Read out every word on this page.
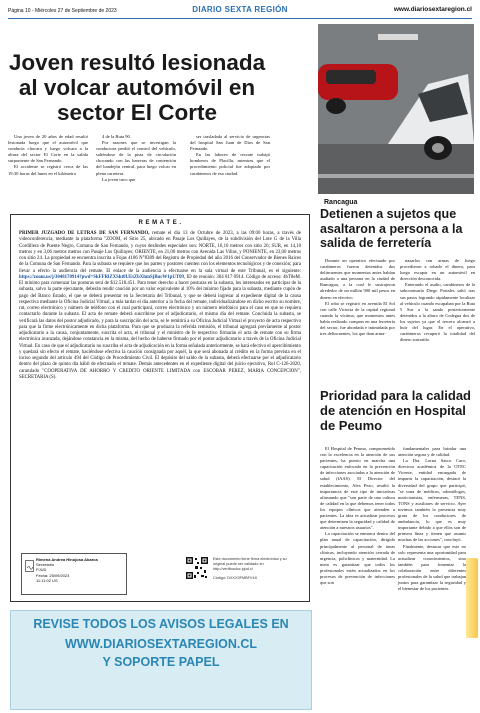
Página 10 - Miércoles 27 de Septiembre de 2023	DIARIO SEXTA REGIÓN	www.diariosextaregion.cl
Joven resultó lesionada al volcar automóvil en sector El Corte

Una joven de 20 años de edad resultó lesionada luego que el automóvil que conducía chocara y luego volcara a la altura del sector El Corte en la salida surponiente de San Fernando.

El accidente se registró cerca de las 19:30 horas del lunes en el kilómetro

4 de la Ruta 90.

Por razones que se investigan la conductora perdió el control del vehículo, saliéndose de la pista de circulación chocando con las barreras de contención del bandejón central, para luego volcar en plena carretera.

La joven tuvo que

ser trasladada al servicio de urgencias del hospital San Juan de Dios de San Fernando.

En las labores de rescate trabajó bomberos de Placilla, mientras que el procedimiento policial fue adoptado por carabineros de esa ciudad.

R E M A T E .
PRIMER JUZGADO DE LETRAS DE SAN FERNANDO, remate el día 13 de Octubre de 2023, a las 09:00 horas, a través de videoconferencia, mediante la plataforma "ZOOM, el Sitio 25, ubicado en Pasaje Los Quillayes, de la subdivisión del Lote G de la Villa Cordillera de Puente Negro, Comuna de San Fernando, y cuyos deslindes especiales son: NORTE, 16,10 metros con sitio 26; SUR, en 14,10 metros y en 3,06 metros metros con Pasaje Los Quillayes; ORIENTE, en 21,00 metros con Avenida Las Villas, y PONIENTE, en 23,00 metros con sitio 24. La propiedad se encuentra inscrita a Fojas 4186 N°8389 del Registro de Propiedad del año 2016 del Conservador de Bienes Raíces de la Comuna de San Fernando. Para la subasta se requiere que los partes y postores cuenten con los elementos tecnológicos y de conexión; para llevar a efecto la audiencia del remate. El enlace de la audiencia a efectuarse en la sala virtual de este Tribunal, es el siguiente: https://zoom.us/j/3048170914?pwd=SkFFRlZXSkt0UEtZbXhmSjBucW1pUT09, ID de reunión: 304 817 0914. Código de acceso: 4bT8eM. El mínimo para comenzar las posturas será de $12.518.451. Para tener derecho a hacer posturas en la subasta, los interesados en participar de la subasta, salvo la parte ejecutante, deberán rendir caución por un valor equivalente al 10% del mínimo fijado para la subasta, mediante cupón de pago del Banco Estado, el que se deberá presentar en la Secretaría del Tribunal, y que se deberá ingresar al expediente digital de la causa respectiva mediante la Oficina Judicial Virtual, a más tardar el día anterior a la fecha del remate, individualizándose en dicho escrito su nombre, rut, correo electrónico y número de teléfono con el cual participará, correo electrónico y un número telefónico para el caso en que se requiera contactarlo durante la subasta. El acta de remate deberá suscribirse por el adjudicatario, el mismo día del remate. Concluida la subasta, se verificará las datos del postor adjudicado, y para la suscripción del acta, se le remitirá a su Oficina Judicial Virtual el proyecto de acta respectivo para que la firme electrónicamente en dicha plataforma. Para que se produzca la referida remisión, el tribunal agregará previamente al postor adjudicatario a la causa, conjuntamente, suscrita el acta, el tribunal y el ministro de fe respectivo firmarán el acta de remate con su firma electrónica avanzada, dejándose constancia en la misma, del hecho de haberse firmado por el postor adjudicatario a través de la Oficina Judicial Virtual. En caso de que el adjudicatario no suscriba el acta de adjudicación en la forma señalada anteriormente, se hará efectivo el apercibimiento y quedará sin efecto el remate, haciéndose efectiva la caución consignada por aquél, la que será abonada al crédito en la forma prevista en el inciso segundo del artículo 494 del Código de Procedimiento Civil. El depósito del saldo de la subasta, deberá efectuarse por el adjudicatario dentro del plazo de quinto día hábil de efectuado el remate. Demás antecedentes en el expediente digital del juicio ejecutivo, Rol C-126-2020, caratulado "COOPERATIVA DE AHORRO Y CREDITO ORIENTE LIMITADA con ESCOBAR PEREZ, MARIA CONCEPCION", SECRETARIA (S).
Rimena Andrea Hinojosa Abarca
Secretario
PJUD
Fecha: 25/09/2023
11:11:02 US
Este documento tiene firma electrónica y su original puede ser validado en http://verificadoc.pjud.cl
Código: DXXX3FMBFV4X
REVISE TODOS LOS AVISOS LEGALES EN
WWW.DIARIOSEXTAREGION.CL
Y SOPORTE PAPEL
Rancagua
Detienen a sujetos que asaltaron a persona a la salida de ferretería

Durante un operativo efectuado por carabineros fueron detenidos dos delincuentes que momentos antes habían asaltado a una persona en la ciudad de Rancagua, a la cual le sustrajeron alrededor de un millón 900 mil pesos en dinero en efectivo.

El robo se registró en avenida El Sol con calle Victoria de la capital regional cuando la víctima, que momentos antes había realizado compras en una ferretería del sector, fue abordada e intimidada por tres delincuentes, los que iban arma-

nazarlos con armas de fuego procedieron a robarle el dinero, para luego escapar en un automóvil en dirección desconocida.

Enterando el asalto, carabineros de la subcomisaría Diego Portales salió tras sus pasos logrando rápidamente localizar al vehículo cuando escapaban por la Ruta 5 Sur a la sando posteriormente detenidos a la altura de Codegua dos de los sujetos ya que el tercero alcanzó a huir del lugar. En el operativo, carabineros recuperó la totalidad del dinero sustraído.

Prioridad para la calidad de atención en Hospital de Peumo

El Hospital de Peumo, comprometido con la excelencia en la atención de sus pacientes, ha puesto en marcha una capacitación enfocada en la prevención de infecciones asociadas a la atención de salud (IAAS). El Director del establecimiento, Alex Pezo, resaltó la importancia de este tipo de iniciativas afirmando que "son parte de una cultura de calidad en la que debemos tener todos los equipos clínicos que atienden a pacientes. La idea es actualizar procesos que determinen la seguridad y calidad de atención a nuestros usuarios".

La capacitación se enmarca dentro del plan anual de capacitación, dirigido principalmente al personal de áreas clínicas, incluyendo atención cerrada de urgencia, policlínicos y maternidad. La meta es garantizar que todos los profesionales estén actualizados en los procesos de prevención de infecciones que son

fundamentales para brindar una atención segura y de calidad.

La Dra. Lorna Sasco Caro, directora académica de la OTEC Vicente, entidad encargada de impartir la capacitación, destacó la diversidad del grupo que participó, "se trata de médicos, odontólogos, nutricionistas, enfermeras, TENS, TONS y auxiliares de servicio. Ayer tuvimos también la presencia muy grata de los conductores de ambulancia, lo que es muy importante debido a que ellos son de primera línea y tienen que asumir muchas de las acciones", concluyó.

Finalmente, destacar que este no solo representa una oportunidad para actualizar conocimientos, sino también para fomentar la colaboración entre diferentes profesionales de la salud que trabajan juntos para garantizar la seguridad y el bienestar de los pacientes.
